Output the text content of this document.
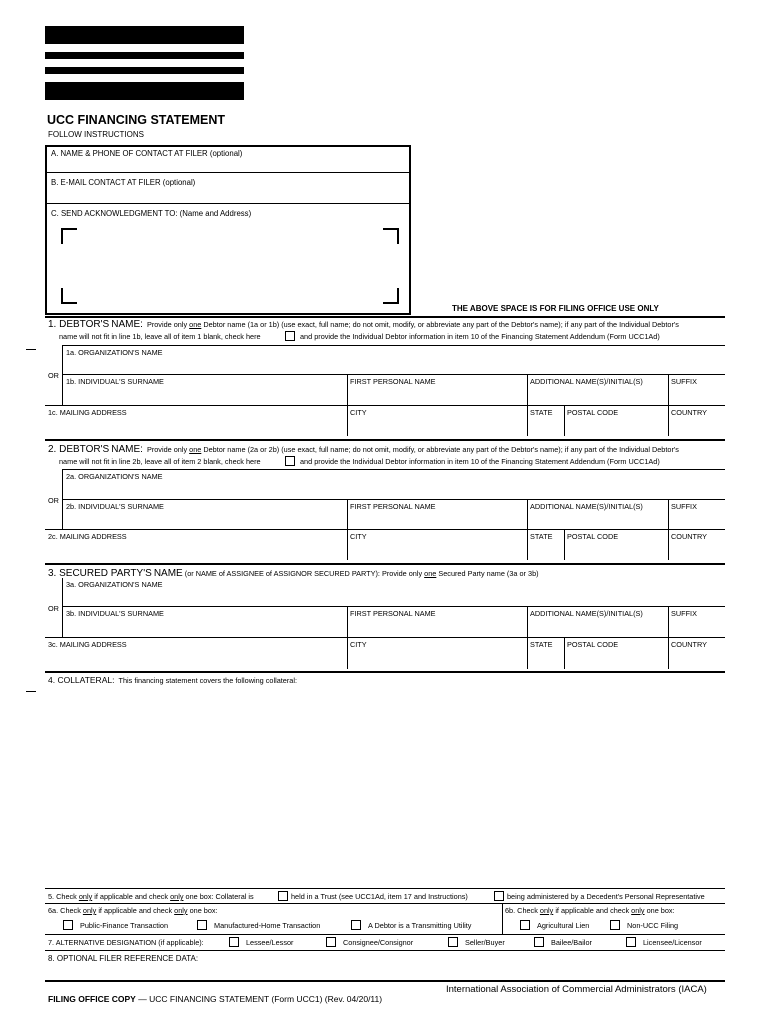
UCC FINANCING STATEMENT
FOLLOW INSTRUCTIONS
A. NAME & PHONE OF CONTACT AT FILER (optional)
B. E-MAIL CONTACT AT FILER (optional)
C. SEND ACKNOWLEDGMENT TO: (Name and Address)
THE ABOVE SPACE IS FOR FILING OFFICE USE ONLY
1. DEBTOR'S NAME: Provide only one Debtor name (1a or 1b) (use exact, full name; do not omit, modify, or abbreviate any part of the Debtor's name); if any part of the Individual Debtor's
name will not fit in line 1b, leave all of item 1 blank, check here	and provide the Individual Debtor information in item 10 of the Financing Statement Addendum (Form UCC1Ad)
1a. ORGANIZATION'S NAME
OR
1b. INDIVIDUAL'S SURNAME	FIRST PERSONAL NAME	ADDITIONAL NAME(S)/INITIAL(S)	SUFFIX
1c. MAILING ADDRESS	CITY	STATE	POSTAL CODE	COUNTRY
2. DEBTOR'S NAME: Provide only one Debtor name (2a or 2b) (use exact, full name; do not omit, modify, or abbreviate any part of the Debtor's name); if any part of the Individual Debtor's
name will not fit in line 2b, leave all of item 2 blank, check here	and provide the Individual Debtor information in item 10 of the Financing Statement Addendum (Form UCC1Ad)
2a. ORGANIZATION'S NAME
OR
2b. INDIVIDUAL'S SURNAME	FIRST PERSONAL NAME	ADDITIONAL NAME(S)/INITIAL(S)	SUFFIX
2c. MAILING ADDRESS	CITY	STATE	POSTAL CODE	COUNTRY
3. SECURED PARTY'S NAME (or NAME of ASSIGNEE of ASSIGNOR SECURED PARTY): Provide only one Secured Party name (3a or 3b)
3a. ORGANIZATION'S NAME
OR
3b. INDIVIDUAL'S SURNAME	FIRST PERSONAL NAME	ADDITIONAL NAME(S)/INITIAL(S)	SUFFIX
3c. MAILING ADDRESS	CITY	STATE	POSTAL CODE	COUNTRY
4. COLLATERAL: This financing statement covers the following collateral:
5. Check only if applicable and check only one box: Collateral is	held in a Trust (see UCC1Ad, item 17 and Instructions)	being administered by a Decedent's Personal Representative
6a. Check only if applicable and check only one box:	6b. Check only if applicable and check only one box:
Public-Finance Transaction	Manufactured-Home Transaction	A Debtor is a Transmitting Utility	Agricultural Lien	Non-UCC Filing
7. ALTERNATIVE DESIGNATION (if applicable):	Lessee/Lessor	Consignee/Consignor	Seller/Buyer	Bailee/Bailor	Licensee/Licensor
8. OPTIONAL FILER REFERENCE DATA:
International Association of Commercial Administrators (IACA)
FILING OFFICE COPY — UCC FINANCING STATEMENT (Form UCC1) (Rev. 04/20/11)
